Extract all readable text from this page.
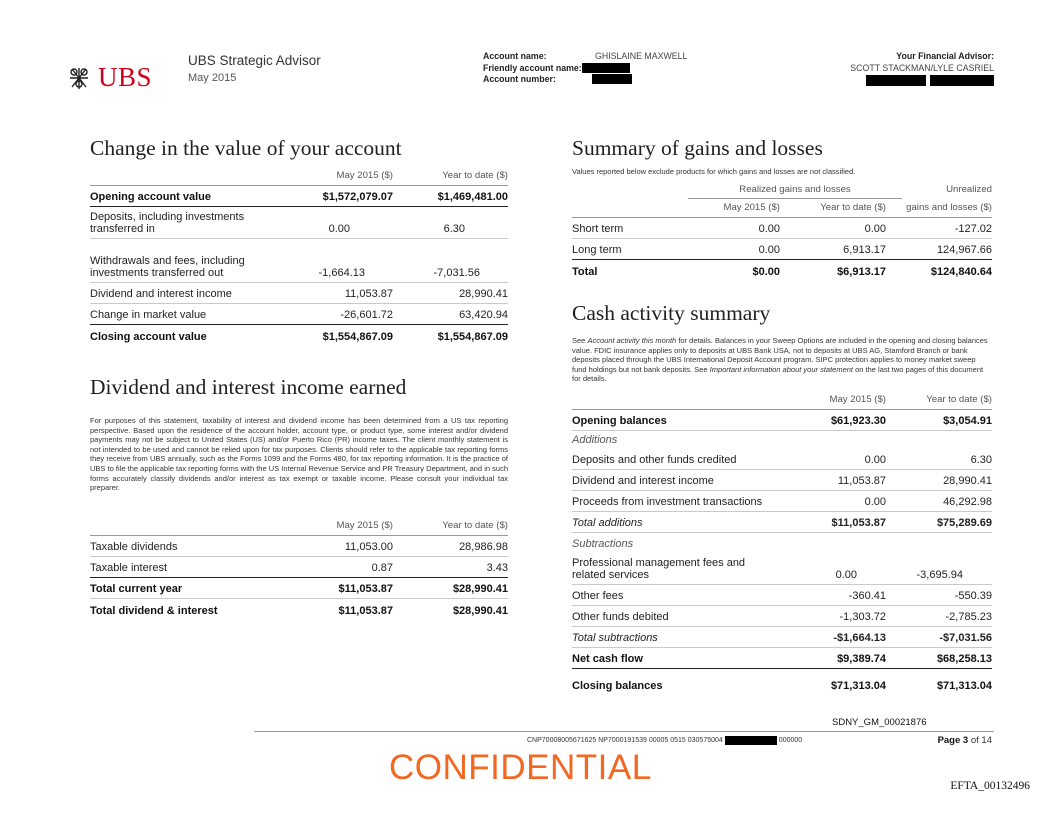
UBS
UBS Strategic Advisor
May 2015
Account name:	GHISLAINE MAXWELL
Friendly account name:
Account number:
Your Financial Advisor:
SCOTT STACKMAN/LYLE CASRIEL

Change in the value of your account
May 2015 ($)	Year to date ($)
Opening account value	$1,572,079.07	$1,469,481.00
Deposits, including investments transferred in	0.00	6.30
Withdrawals and fees, including investments transferred out	-1,664.13	-7,031.56
Dividend and interest income	11,053.87	28,990.41
Change in market value	-26,601.72	63,420.94
Closing account value	$1,554,867.09	$1,554,867.09
Dividend and interest income earned
For purposes of this statement, taxability of interest and dividend income has been determined from a US tax reporting perspective. Based upon the residence of the account holder, account type, or product type, some interest and/or dividend payments may not be subject to United States (US) and/or Puerto Rico (PR) income taxes. The client monthly statement is not intended to be used and cannot be relied upon for tax purposes. Clients should refer to the applicable tax reporting forms they receive from UBS annually, such as the Forms 1099 and the Forms 480, for tax reporting information. It is the practice of UBS to file the applicable tax reporting forms with the US Internal Revenue Service and PR Treasury Department, and in such forms accurately classify dividends and/or interest as tax exempt or taxable income. Please consult your individual tax preparer.
May 2015 ($)	Year to date ($)
Taxable dividends	11,053.00	28,986.98
Taxable interest	0.87	3.43
Total current year	$11,053.87	$28,990.41
Total dividend & interest	$11,053.87	$28,990.41
Summary of gains and losses
Values reported below exclude products for which gains and losses are not classified.
Realized gains and losses	Unrealized
May 2015 ($)	Year to date ($)	gains and losses ($)
Short term	0.00	0.00	-127.02
Long term	0.00	6,913.17	124,967.66
Total	$0.00	$6,913.17	$124,840.64
Cash activity summary
See Account activity this month for details. Balances in your Sweep Options are included in the opening and closing balances value. FDIC insurance applies only to deposits at UBS Bank USA, not to deposits at UBS AG, Stamford Branch or bank deposits placed through the UBS International Deposit Account program. SIPC protection applies to money market sweep fund holdings but not bank deposits. See Important information about your statement on the last two pages of this document for details.
May 2015 ($)	Year to date ($)
Opening balances	$61,923.30	$3,054.91
Additions
Deposits and other funds credited	0.00	6.30
Dividend and interest income	11,053.87	28,990.41
Proceeds from investment transactions	0.00	46,292.98
Total additions	$11,053.87	$75,289.69
Subtractions
Professional management fees and related services	0.00	-3,695.94
Other fees	-360.41	-550.39
Other funds debited	-1,303.72	-2,785.23
Total subtractions	-$1,664.13	-$7,031.56
Net cash flow	$9,389.74	$68,258.13
Closing balances	$71,313.04	$71,313.04
SDNY_GM_00021876
CNP70008005671625 NP7000191539 00005 0515 030575004	000000	Page 3 of 14
CONFIDENTIAL	EFTA_00132496
